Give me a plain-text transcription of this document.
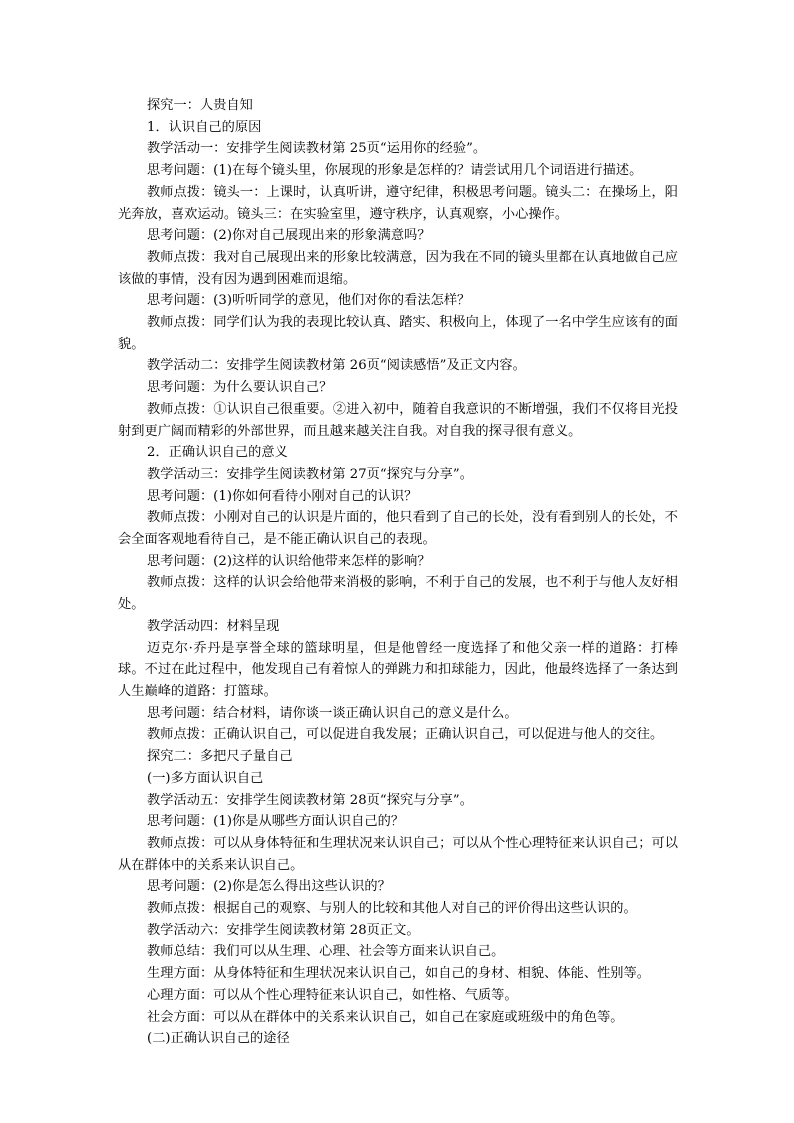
探究一：人贵自知

1．认识自己的原因

教学活动一：安排学生阅读教材第 25页“运用你的经验”。

思考问题：(1)在每个镜头里，你展现的形象是怎样的？请尝试用几个词语进行描述。

教师点拨：镜头一：上课时，认真听讲，遵守纪律，积极思考问题。镜头二：在操场上，阳光奔放，喜欢运动。镜头三：在实验室里，遵守秩序，认真观察，小心操作。

思考问题：(2)你对自己展现出来的形象满意吗？

教师点拨：我对自己展现出来的形象比较满意，因为我在不同的镜头里都在认真地做自己应该做的事情，没有因为遇到困难而退缩。

思考问题：(3)听听同学的意见，他们对你的看法怎样？

教师点拨：同学们认为我的表现比较认真、踏实、积极向上，体现了一名中学生应该有的面貌。

教学活动二：安排学生阅读教材第 26页“阅读感悟”及正文内容。

思考问题：为什么要认识自己？

教师点拨：①认识自己很重要。②进入初中，随着自我意识的不断增强，我们不仅将目光投射到更广阔而精彩的外部世界，而且越来越关注自我。对自我的探寻很有意义。

2．正确认识自己的意义

教学活动三：安排学生阅读教材第 27页“探究与分享”。

思考问题：(1)你如何看待小刚对自己的认识？

教师点拨：小刚对自己的认识是片面的，他只看到了自己的长处，没有看到别人的长处，不会全面客观地看待自己，是不能正确认识自己的表现。

思考问题：(2)这样的认识给他带来怎样的影响？

教师点拨：这样的认识会给他带来消极的影响，不利于自己的发展，也不利于与他人友好相处。

教学活动四：材料呈现

迈克尔·乔丹是享誉全球的篮球明星，但是他曾经一度选择了和他父亲一样的道路：打棒球。不过在此过程中，他发现自己有着惊人的弹跳力和扣球能力，因此，他最终选择了一条达到人生巅峰的道路：打篮球。

思考问题：结合材料，请你谈一谈正确认识自己的意义是什么。

教师点拨：正确认识自己，可以促进自我发展；正确认识自己，可以促进与他人的交往。

探究二：多把尺子量自己

(一)多方面认识自己

教学活动五：安排学生阅读教材第 28页“探究与分享”。

思考问题：(1)你是从哪些方面认识自己的？

教师点拨：可以从身体特征和生理状况来认识自己；可以从个性心理特征来认识自己；可以从在群体中的关系来认识自己。

思考问题：(2)你是怎么得出这些认识的？

教师点拨：根据自己的观察、与别人的比较和其他人对自己的评价得出这些认识的。

教学活动六：安排学生阅读教材第 28页正文。

教师总结：我们可以从生理、心理、社会等方面来认识自己。

生理方面：从身体特征和生理状况来认识自己，如自己的身材、相貌、体能、性别等。

心理方面：可以从个性心理特征来认识自己，如性格、气质等。

社会方面：可以从在群体中的关系来认识自己，如自己在家庭或班级中的角色等。

(二)正确认识自己的途径
